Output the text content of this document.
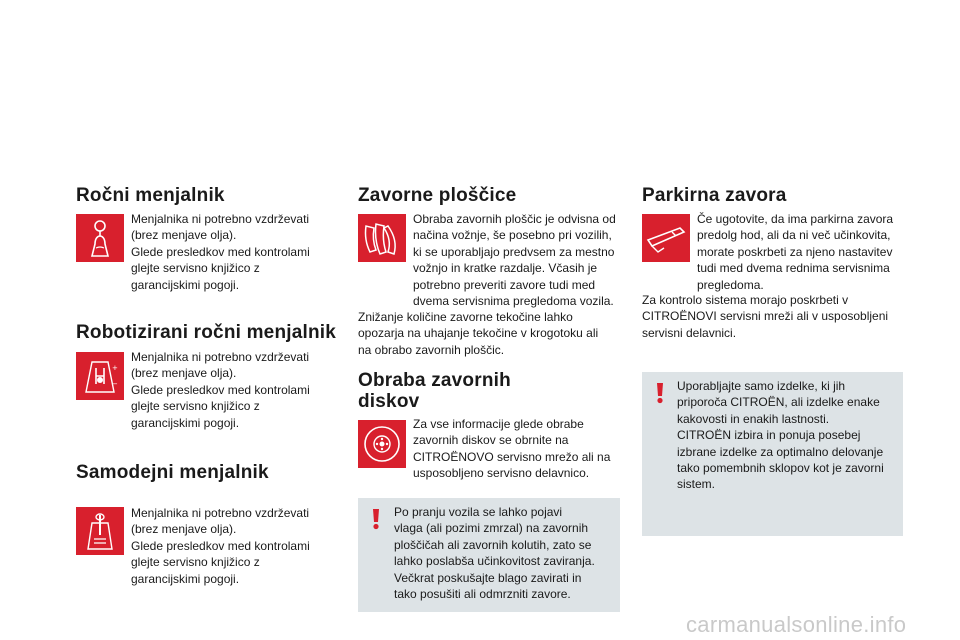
Ročni menjalnik
Menjalnika ni potrebno vzdrževati
(brez menjave olja).
Glede presledkov med kontrolami
glejte servisno knjižico z
garancijskimi pogoji.
Robotizirani ročni menjalnik
+
−
Menjalnika ni potrebno vzdrževati
(brez menjave olja).
Glede presledkov med kontrolami
glejte servisno knjižico z
garancijskimi pogoji.
Samodejni menjalnik
Menjalnika ni potrebno vzdrževati
(brez menjave olja).
Glede presledkov med kontrolami
glejte servisno knjižico z
garancijskimi pogoji.
Zavorne ploščice
Obraba zavornih ploščic je odvisna od
načina vožnje, še posebno pri vozilih,
ki se uporabljajo predvsem za mestno
vožnjo in kratke razdalje. Včasih je
potrebno preveriti zavore tudi med
dvema servisnima pregledoma vozila.
Znižanje količine zavorne tekočine lahko
opozarja na uhajanje tekočine v krogotoku ali
na obrabo zavornih ploščic.
Obraba zavornih
diskov
Za vse informacije glede obrabe
zavornih diskov se obrnite na
CITROËNOVO servisno mrežo ali na
usposobljeno servisno delavnico.
Po pranju vozila se lahko pojavi
vlaga (ali pozimi zmrzal) na zavornih
ploščičah ali zavornih kolutih, zato se
lahko poslabša učinkovitost zaviranja.
Večkrat poskušajte blago zavirati in
tako posušiti ali odmrzniti zavore.
Parkirna zavora
Če ugotovite, da ima parkirna zavora
predolg hod, ali da ni več učinkovita,
morate poskrbeti za njeno nastavitev
tudi med dvema rednima servisnima
pregledoma.
Za kontrolo sistema morajo poskrbeti v
CITROËNOVI servisni mreži ali v usposobljeni
servisni delavnici.
Uporabljajte samo izdelke, ki jih
priporoča CITROËN, ali izdelke enake
kakovosti in enakih lastnosti.
CITROËN izbira in ponuja posebej
izbrane izdelke za optimalno delovanje
tako pomembnih sklopov kot je zavorni
sistem.
carmanualsonline.info
